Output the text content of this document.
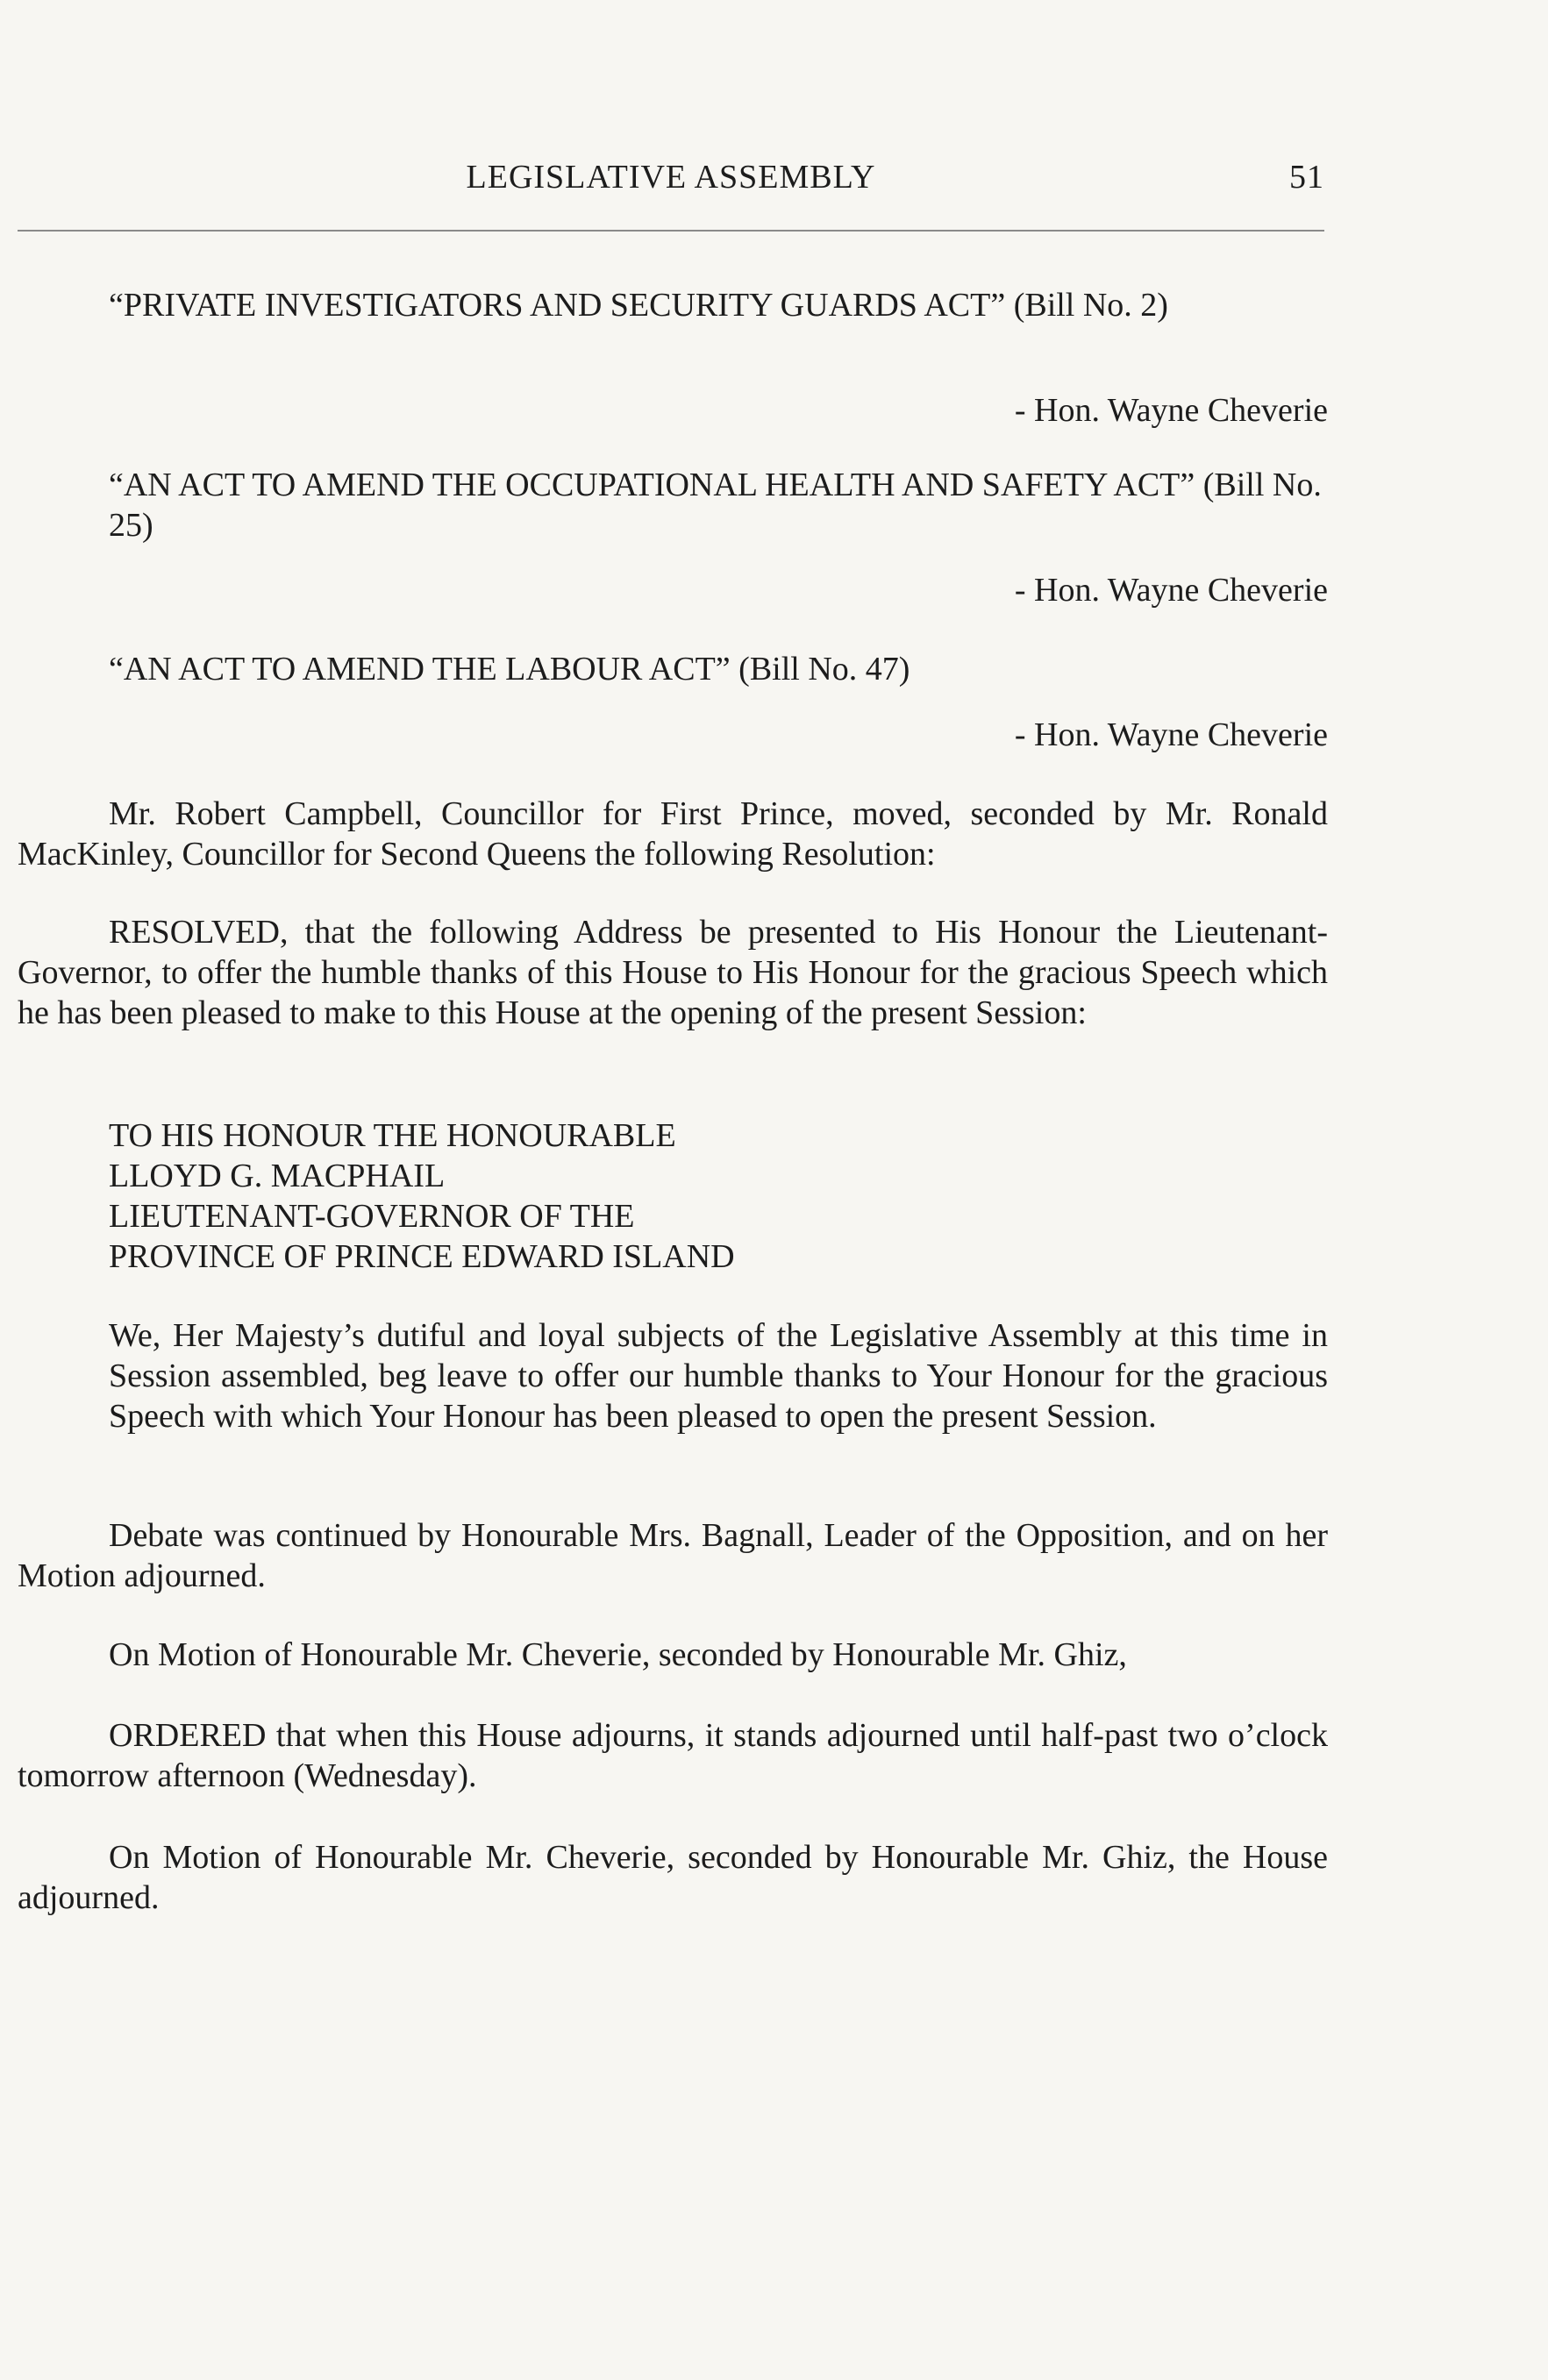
LEGISLATIVE ASSEMBLY	51
“PRIVATE INVESTIGATORS AND SECURITY GUARDS ACT” (Bill No. 2)
- Hon. Wayne Cheverie
“AN ACT TO AMEND THE OCCUPATIONAL HEALTH AND SAFETY ACT” (Bill No. 25)
- Hon. Wayne Cheverie
“AN ACT TO AMEND THE LABOUR ACT” (Bill No. 47)
- Hon. Wayne Cheverie
Mr. Robert Campbell, Councillor for First Prince, moved, seconded by Mr. Ronald MacKinley, Councillor for Second Queens the following Resolution:
RESOLVED, that the following Address be presented to His Honour the Lieutenant-Governor, to offer the humble thanks of this House to His Honour for the gracious Speech which he has been pleased to make to this House at the opening of the present Session:
TO HIS HONOUR THE HONOURABLE
LLOYD G. MACPHAIL
LIEUTENANT-GOVERNOR OF THE
PROVINCE OF PRINCE EDWARD ISLAND
We, Her Majesty’s dutiful and loyal subjects of the Legislative Assembly at this time in Session assembled, beg leave to offer our humble thanks to Your Honour for the gracious Speech with which Your Honour has been pleased to open the present Session.
Debate was continued by Honourable Mrs. Bagnall, Leader of the Opposition, and on her Motion adjourned.
On Motion of Honourable Mr. Cheverie, seconded by Honourable Mr. Ghiz,
ORDERED that when this House adjourns, it stands adjourned until half-past two o’clock tomorrow afternoon (Wednesday).
On Motion of Honourable Mr. Cheverie, seconded by Honourable Mr. Ghiz, the House adjourned.
